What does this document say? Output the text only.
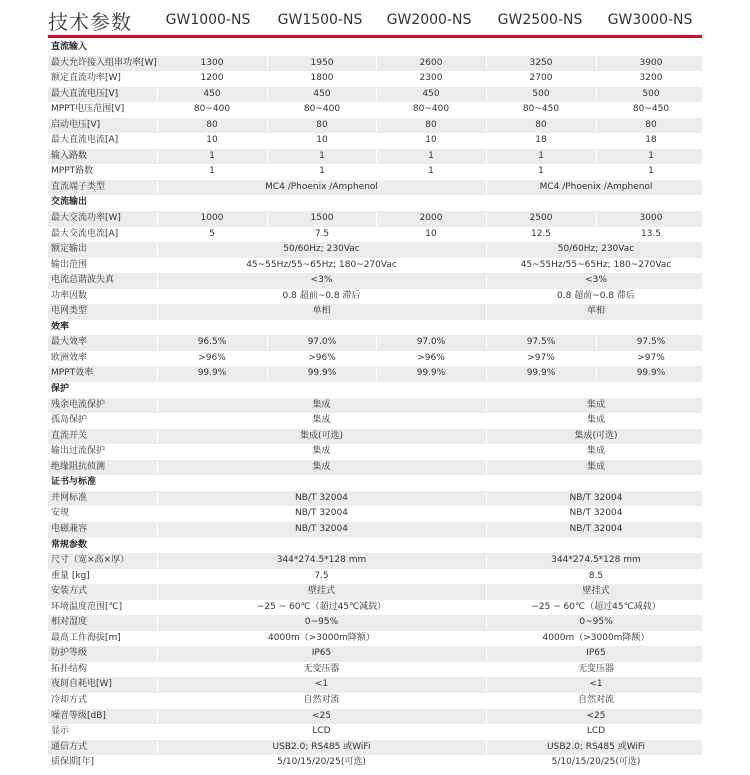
技术参数	GW1000-NS	GW1500-NS	GW2000-NS	GW2500-NS	GW3000-NS
直流输入
最大允许接入组串功率[W]	1300	1950	2600	3250	3900
额定直流功率[W]	1200	1800	2300	2700	3200
最大直流电压[V]	450	450	450	500	500
MPPT电压范围[V]	80~400	80~400	80~400	80~450	80~450
启动电压[V]	80	80	80	80	80
最大直流电流[A]	10	10	10	18	18
输入路数	1	1	1	1	1
MPPT路数	1	1	1	1	1
直流端子类型	MC4 /Phoenix /Amphenol	MC4 /Phoenix /Amphenol
交流输出
最大交流功率[W]	1000	1500	2000	2500	3000
最大交流电流[A]	5	7.5	10	12.5	13.5
额定输出	50/60Hz; 230Vac	50/60Hz; 230Vac
输出范围	45~55Hz/55~65Hz; 180~270Vac	45~55Hz/55~65Hz; 180~270Vac
电流总谐波失真	<3%	<3%
功率因数	0.8 超前~0.8 滞后	0.8 超前~0.8 滞后
电网类型	单相	单相
效率
最大效率	96.5%	97.0%	97.0%	97.5%	97.5%
欧洲效率	>96%	>96%	>96%	>97%	>97%
MPPT效率	99.9%	99.9%	99.9%	99.9%	99.9%
保护
残余电流保护	集成	集成
孤岛保护	集成	集成
直流开关	集成(可选)	集成(可选)
输出过流保护	集成	集成
绝缘阻抗侦测	集成	集成
证书与标准
并网标准	NB/T 32004	NB/T 32004
安规	NB/T 32004	NB/T 32004
电磁兼容	NB/T 32004	NB/T 32004
常规参数
尺寸（宽×高×厚）	344*274.5*128 mm	344*274.5*128 mm
重量 [kg]	7.5	8.5
安装方式	壁挂式	壁挂式
环境温度范围[℃]	−25 ~ 60℃（超过45℃减载）	−25 ~ 60℃（超过45℃减载）
相对湿度	0~95%	0~95%
最高工作海拔[m]	4000m（>3000m降额）	4000m（>3000m降额）
防护等级	IP65	IP65
拓扑结构	无变压器	无变压器
夜间自耗电[W]	<1	<1
冷却方式	自然对流	自然对流
噪音等级[dB]	<25	<25
显示	LCD	LCD
通信方式	USB2.0; RS485 或WiFi	USB2.0; RS485 或WiFi
质保期[年]	5/10/15/20/25(可选)	5/10/15/20/25(可选)
